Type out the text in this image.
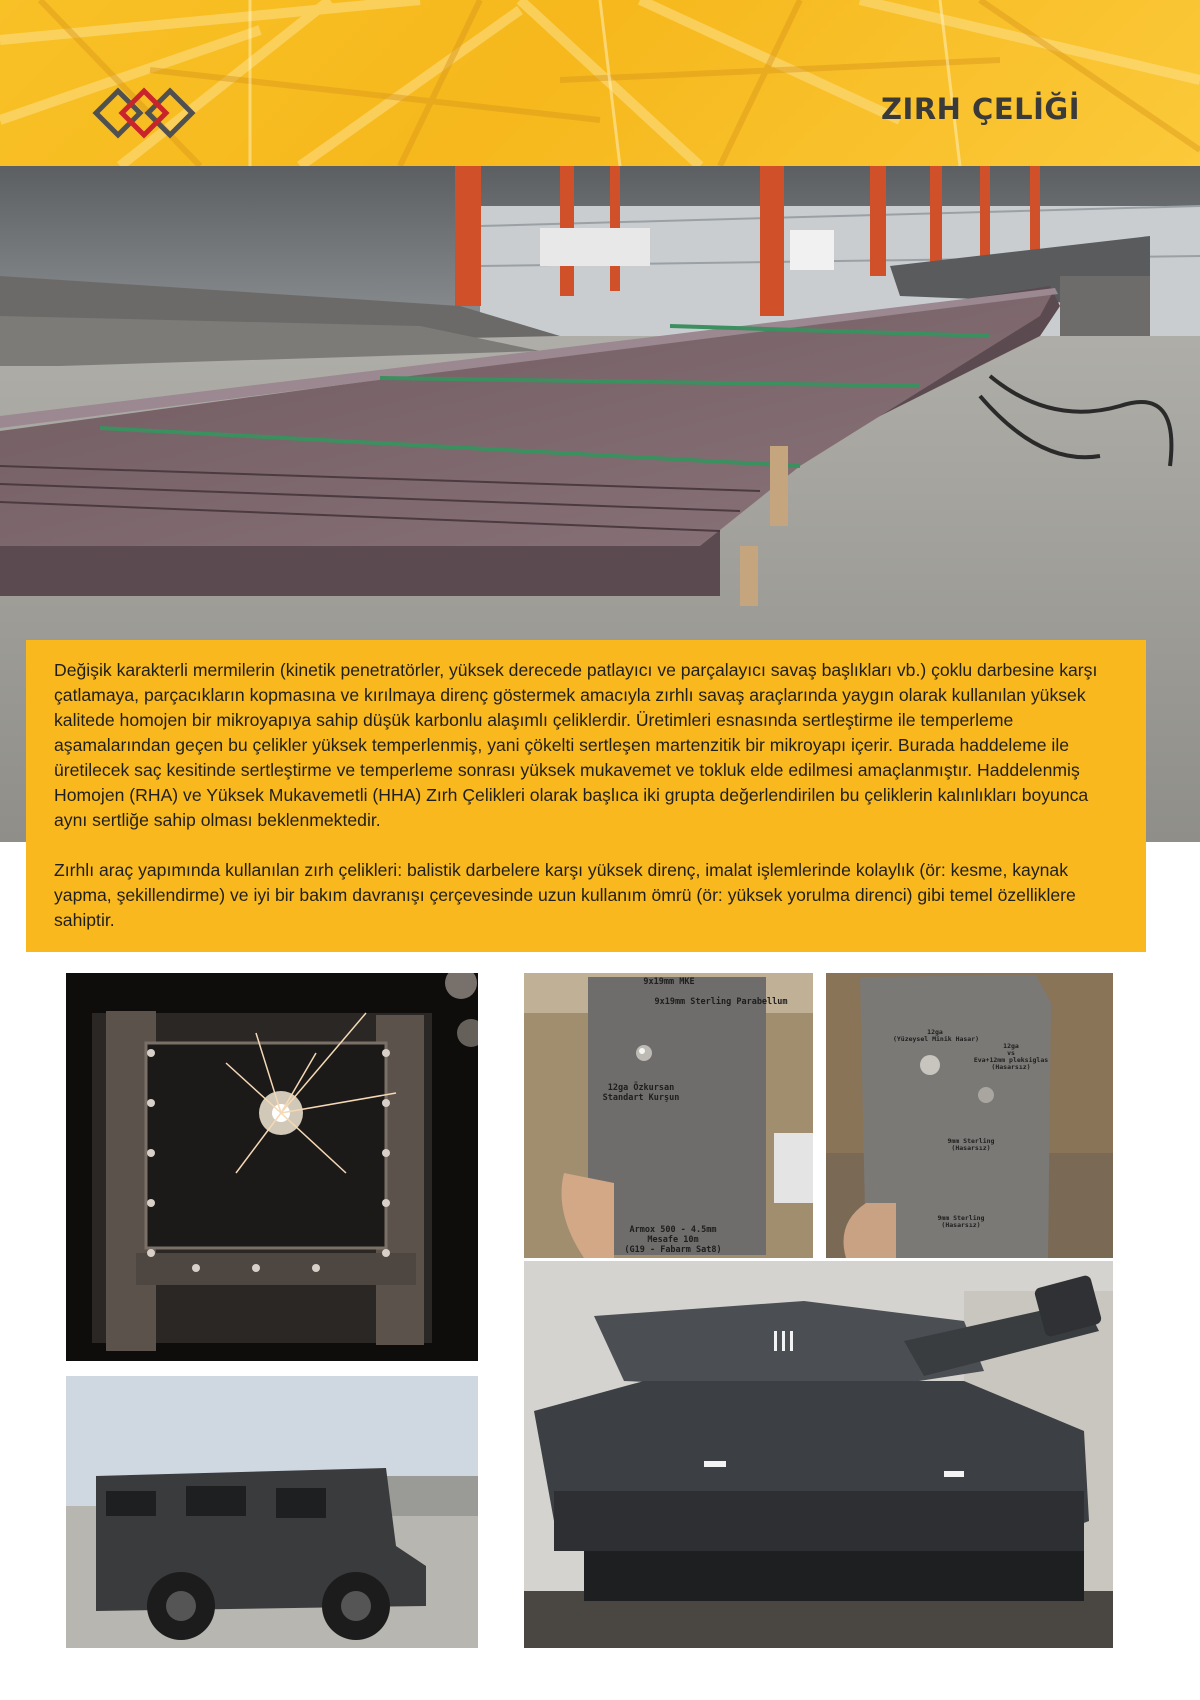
ZIRH ÇELİĞİ

Değişik karakterli mermilerin (kinetik penetratörler, yüksek derecede patlayıcı ve parçalayıcı savaş başlıkları vb.) çoklu darbesine karşı çatlamaya, parçacıkların kopmasına ve kırılmaya direnç göstermek amacıyla zırhlı savaş araçlarında yaygın olarak kullanılan yüksek kalitede homojen bir mikroyapıya sahip düşük karbonlu alaşımlı çeliklerdir. Üretimleri esnasında sertleştirme ile temperleme aşamalarından geçen bu çelikler yüksek temperlenmiş, yani çökelti sertleşen martenzitik bir mikroyapı içerir. Burada haddeleme ile üretilecek saç kesitinde sertleştirme ve temperleme sonrası yüksek mukavemet ve tokluk elde edilmesi amaçlanmıştır. Haddelenmiş Homojen (RHA) ve Yüksek Mukavemetli (HHA) Zırh Çelikleri olarak başlıca iki grupta değerlendirilen bu çeliklerin kalınlıkları boyunca aynı sertliğe sahip olması beklenmektedir.

Zırhlı araç yapımında kullanılan zırh çelikleri: balistik darbelere karşı yüksek direnç, imalat işlemlerinde kolaylık (ör: kesme, kaynak yapma, şekillendirme) ve iyi bir bakım davranışı çerçevesinde uzun kullanım ömrü (ör: yüksek yorulma direnci) gibi temel özelliklere sahiptir.

9x19mm MKE
9x19mm Sterling Parabellum
12ga Özkursan
Standart Kurşun
Armox 500 - 4.5mm
Mesafe 10m
(G19 - Fabarm Sat8)
12ga
(Yüzeysel Minik Hasar)
12ga
vs
Eva+12mm pleksiglas
(Hasarsız)
9mm Sterling
(Hasarsız)
9mm Sterling
(Hasarsız)
